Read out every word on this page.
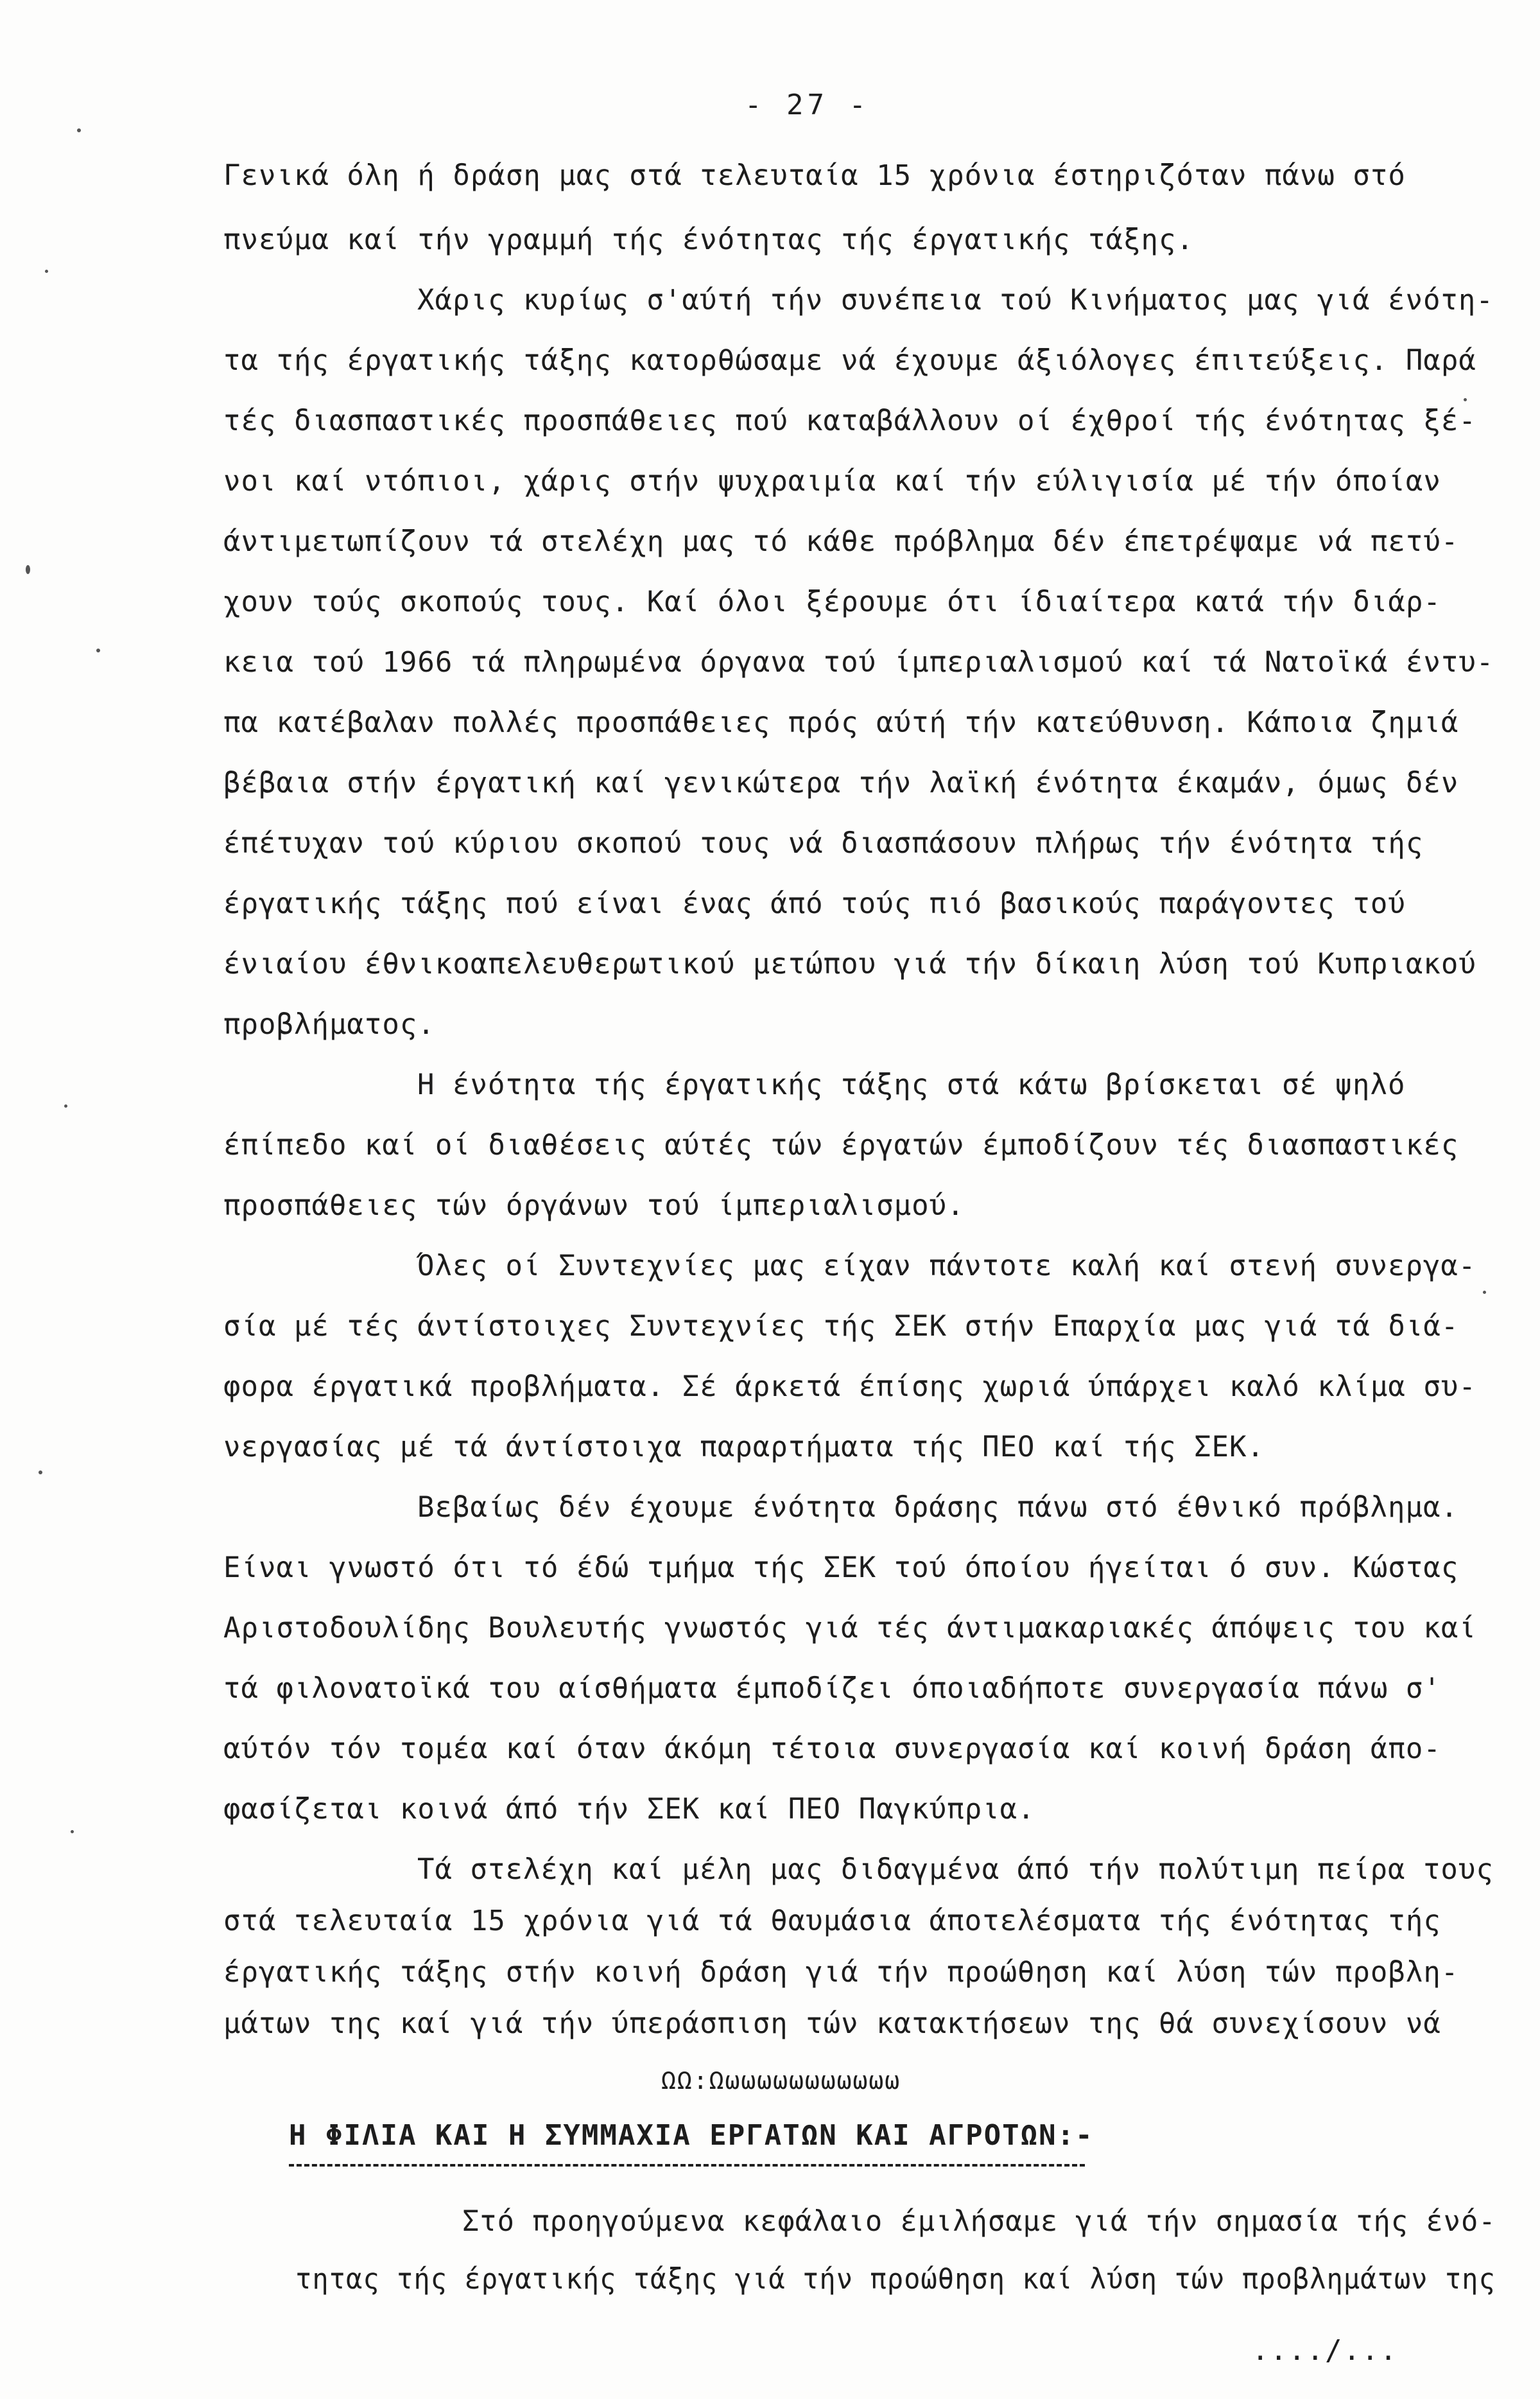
- 27 -
Γενικά όλη ή δράση μας στά τελευταία 15 χρόνια έστηριζόταν πάνω στό
πνεύμα καί τήν γραμμή τής ένότητας τής έργατικής τάξης.
Χάρις κυρίως σ'αύτή τήν συνέπεια τού Κινήματος μας γιά ένότη-
τα τής έργατικής τάξης κατορθώσαμε νά έχουμε άξιόλογες έπιτεύξεις. Παρά
τές διασπαστικές προσπάθειες πού καταβάλλουν οί έχθροί τής ένότητας ξέ-
νοι καί ντόπιοι, χάρις στήν ψυχραιμία καί τήν εύλιγισία μέ τήν όποίαν
άντιμετωπίζουν τά στελέχη μας τό κάθε πρόβλημα δέν έπετρέψαμε νά πετύ-
χουν τούς σκοπούς τους. Καί όλοι ξέρουμε ότι ίδιαίτερα κατά τήν διάρ-
κεια τού 1966 τά πληρωμένα όργανα τού ίμπεριαλισμού καί τά Νατοϊκά έντυ-
πα κατέβαλαν πολλές προσπάθειες πρός αύτή τήν κατεύθυνση. Κάποια ζημιά
βέβαια στήν έργατική καί γενικώτερα τήν λαϊκή ένότητα έκαμάν, όμως δέν
έπέτυχαν τού κύριου σκοπού τους νά διασπάσουν πλήρως τήν ένότητα τής
έργατικής τάξης πού είναι ένας άπό τούς πιό βασικούς παράγοντες τού
ένιαίου έθνικοαπελευθερωτικού μετώπου γιά τήν δίκαιη λύση τού Κυπριακού
προβλήματος.
Η ένότητα τής έργατικής τάξης στά κάτω βρίσκεται σέ ψηλό
έπίπεδο καί οί διαθέσεις αύτές τών έργατών έμποδίζουν τές διασπαστικές
προσπάθειες τών όργάνων τού ίμπεριαλισμού.
Όλες οί Συντεχνίες μας είχαν πάντοτε καλή καί στενή συνεργα-
σία μέ τές άντίστοιχες Συντεχνίες τής ΣΕΚ στήν Επαρχία μας γιά τά διά-
φορα έργατικά προβλήματα. Σέ άρκετά έπίσης χωριά ύπάρχει καλό κλίμα συ-
νεργασίας μέ τά άντίστοιχα παραρτήματα τής ΠΕΟ καί τής ΣΕΚ.
Βεβαίως δέν έχουμε ένότητα δράσης πάνω στό έθνικό πρόβλημα.
Είναι γνωστό ότι τό έδώ τμήμα τής ΣΕΚ τού όποίου ήγείται ό συν. Κώστας
Αριστοδουλίδης Βουλευτής γνωστός γιά τές άντιμακαριακές άπόψεις του καί
τά φιλονατοϊκά του αίσθήματα έμποδίζει όποιαδήποτε συνεργασία πάνω σ'
αύτόν τόν τομέα καί όταν άκόμη τέτοια συνεργασία καί κοινή δράση άπο-
φασίζεται κοινά άπό τήν ΣΕΚ καί ΠΕΟ Παγκύπρια.
Τά στελέχη καί μέλη μας διδαγμένα άπό τήν πολύτιμη πείρα τους
στά τελευταία 15 χρόνια γιά τά θαυμάσια άποτελέσματα τής ένότητας τής
έργατικής τάξης στήν κοινή δράση γιά τήν προώθηση καί λύση τών προβλη-
μάτων της καί γιά τήν ύπεράσπιση τών κατακτήσεων της θά συνεχίσουν νά
ΩΩ:Ωωωωωωωωωωωω
Η ΦΙΛΙΑ ΚΑΙ Η ΣΥΜΜΑΧΙΑ ΕΡΓΑΤΩΝ ΚΑΙ ΑΓΡΟΤΩΝ:-
Στό προηγούμενα κεφάλαιο έμιλήσαμε γιά τήν σημασία τής ένό-
τητας τής έργατικής τάξης γιά τήν προώθηση καί λύση τών προβλημάτων της
..../...
